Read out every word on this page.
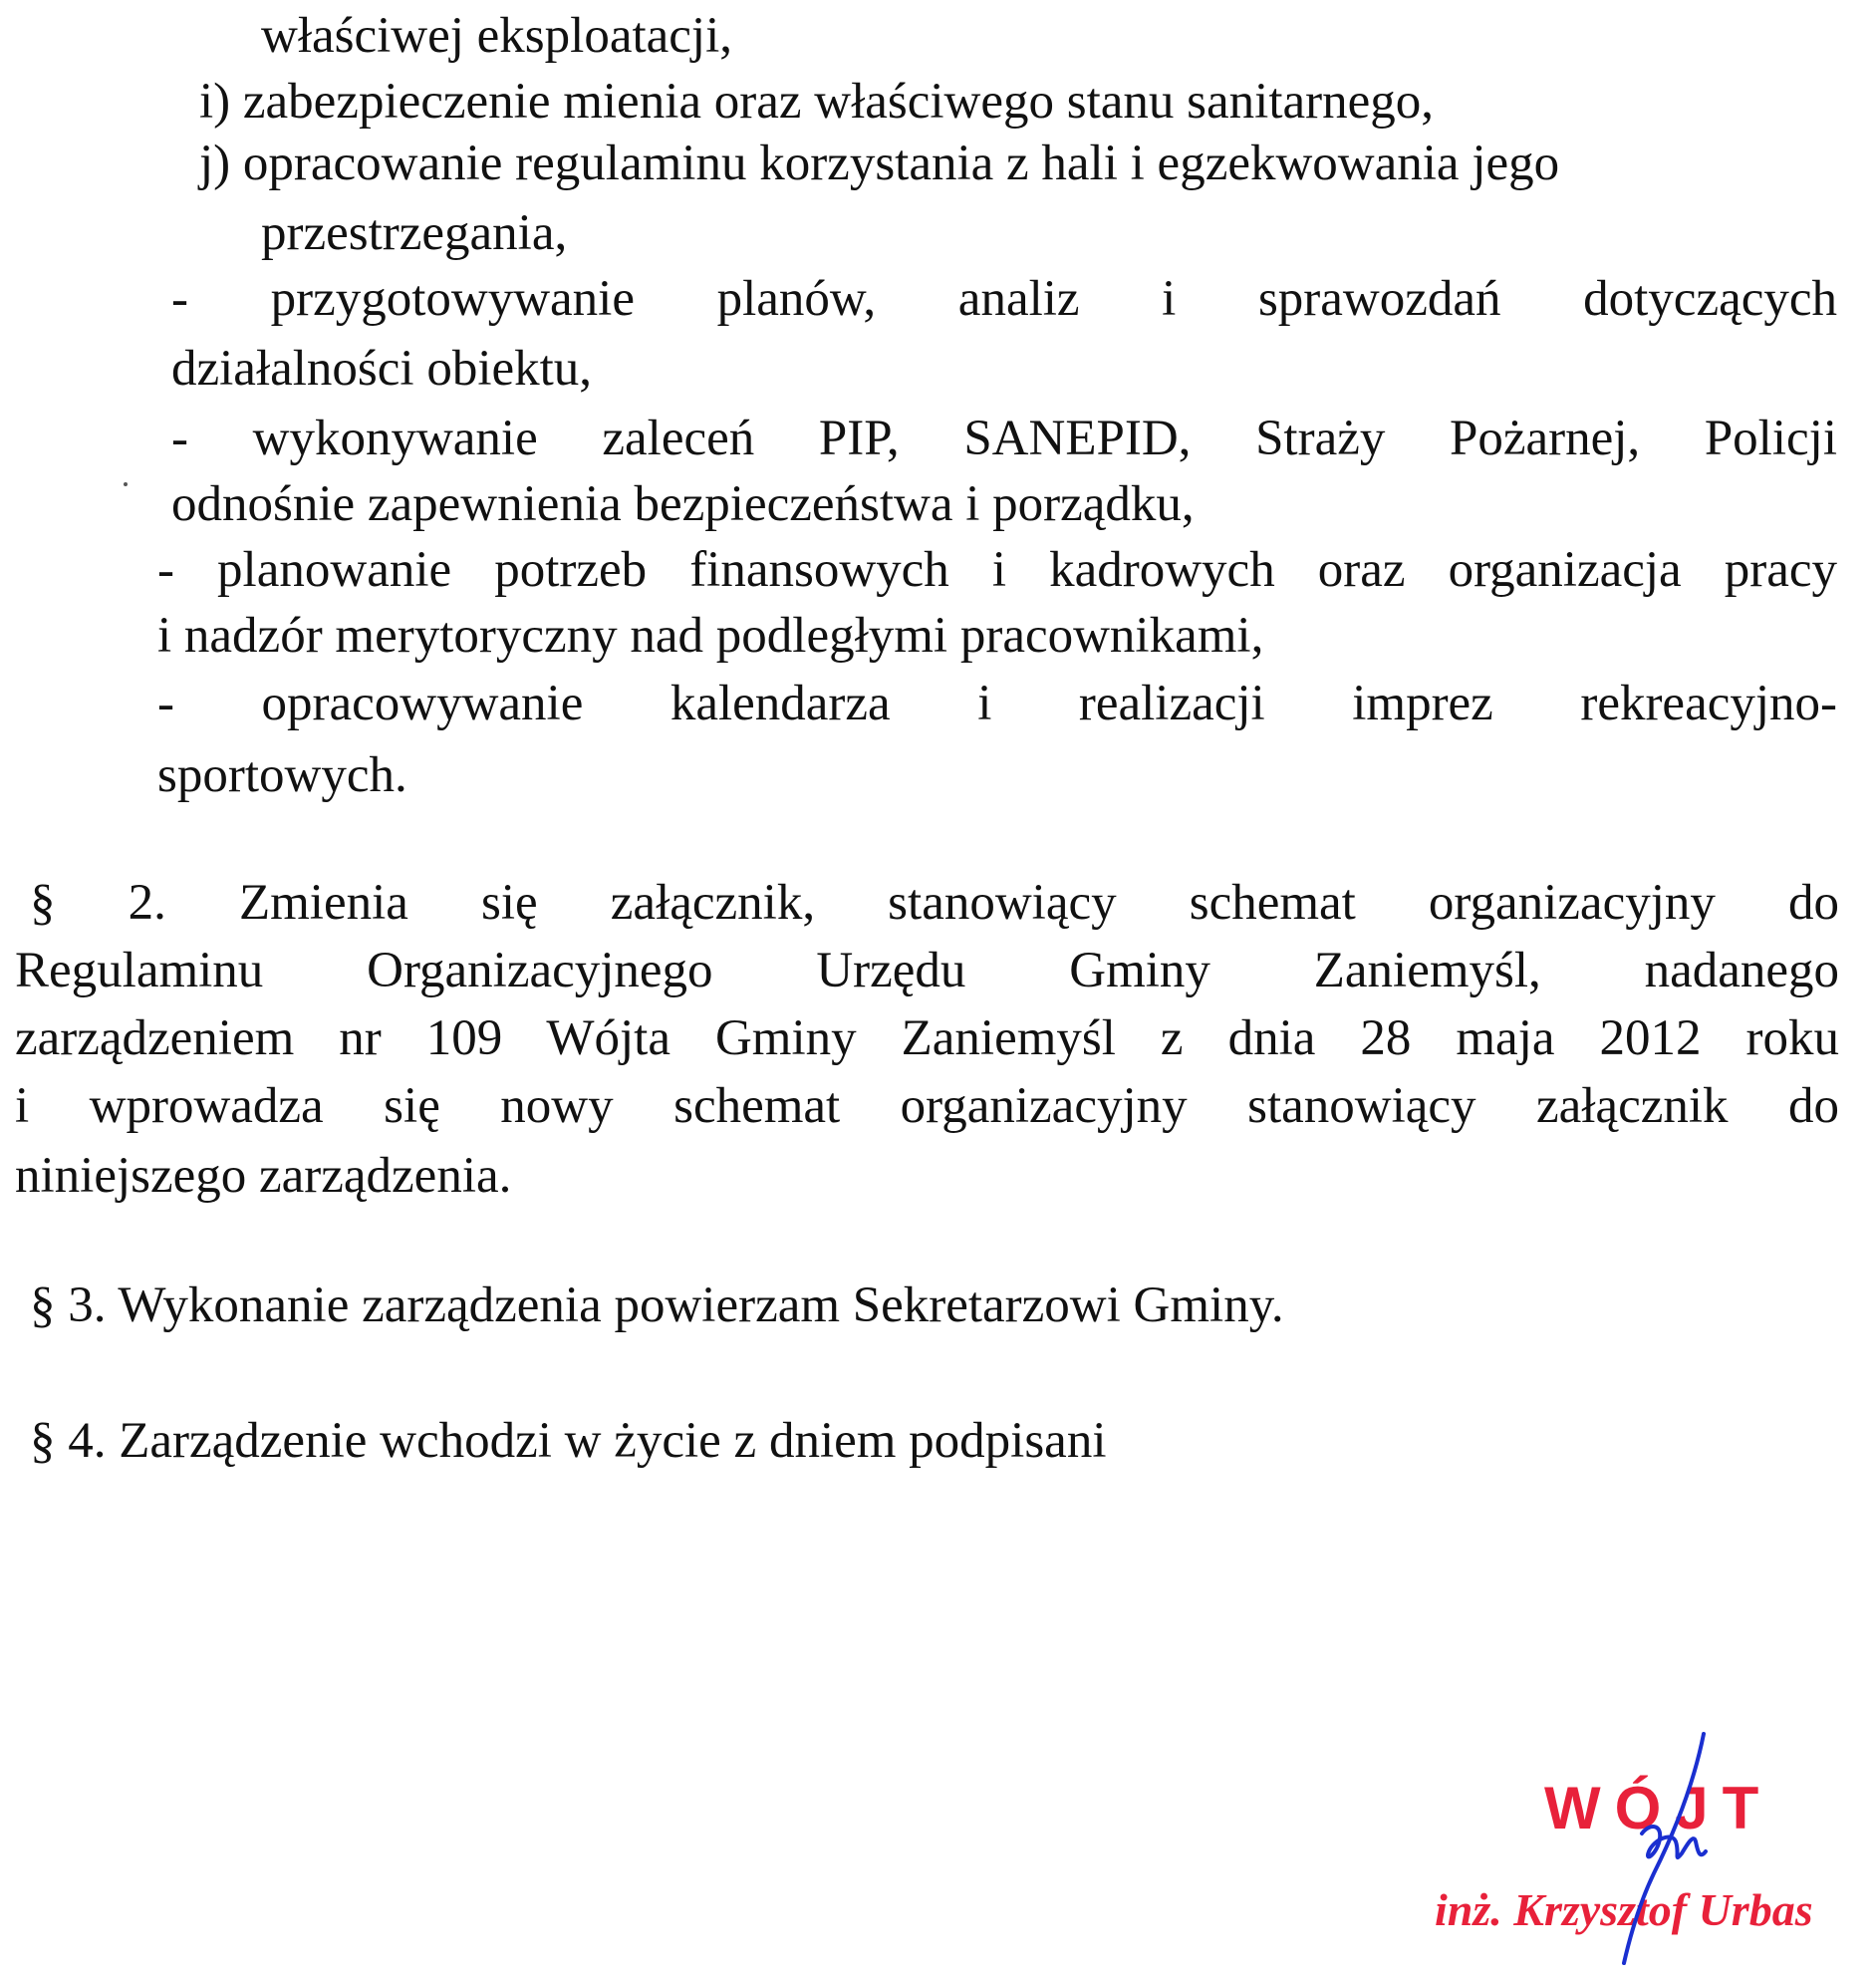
właściwej eksploatacji,
i) zabezpieczenie mienia oraz właściwego stanu sanitarnego,
j) opracowanie regulaminu korzystania z hali i egzekwowania jego
przestrzegania,
- przygotowywanie planów, analiz i sprawozdań dotyczących
działalności obiektu,
- wykonywanie zaleceń PIP, SANEPID, Straży Pożarnej, Policji
odnośnie zapewnienia bezpieczeństwa i porządku,
- planowanie potrzeb finansowych i kadrowych oraz organizacja pracy
i nadzór merytoryczny nad podległymi pracownikami,
- opracowywanie kalendarza i realizacji imprez rekreacyjno-
sportowych.
§ 2. Zmienia się załącznik, stanowiący schemat organizacyjny do
Regulaminu Organizacyjnego Urzędu Gminy Zaniemyśl, nadanego
zarządzeniem nr 109 Wójta Gminy Zaniemyśl z dnia 28 maja 2012 roku
i wprowadza się nowy schemat organizacyjny stanowiący załącznik do
niniejszego zarządzenia.
§ 3. Wykonanie zarządzenia powierzam Sekretarzowi Gminy.
§ 4. Zarządzenie wchodzi w życie z dniem podpisani
WÓJT
inż. Krzysztof Urbas
